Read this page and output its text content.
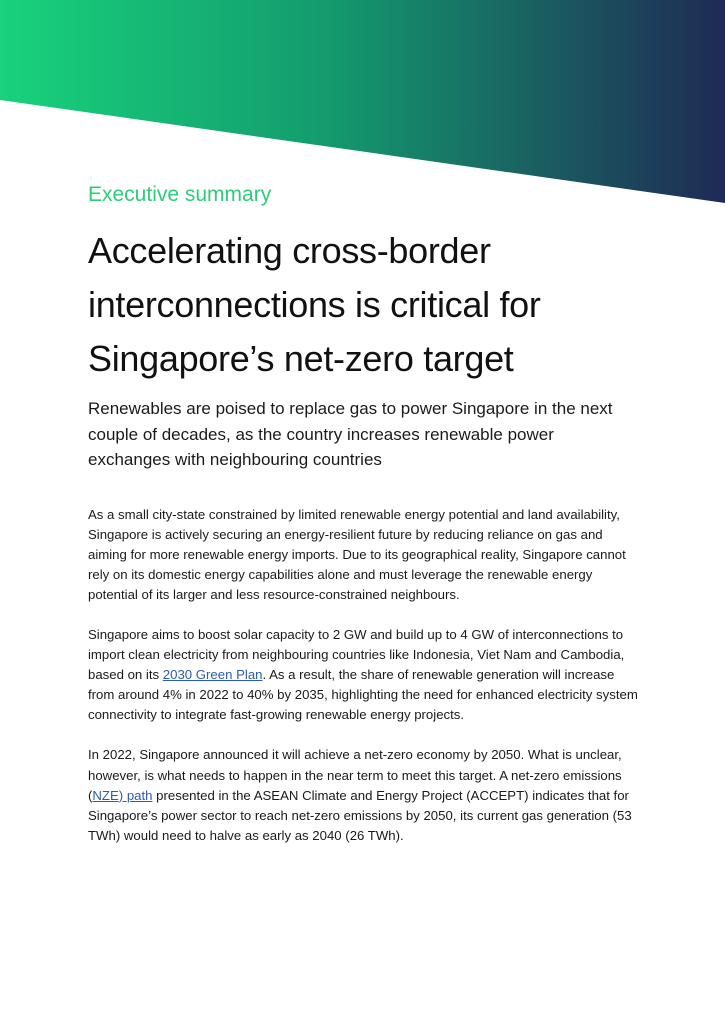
Executive summary

Accelerating cross-border interconnections is critical for Singapore’s net-zero target

Renewables are poised to replace gas to power Singapore in the next couple of decades, as the country increases renewable power exchanges with neighbouring countries

As a small city-state constrained by limited renewable energy potential and land availability, Singapore is actively securing an energy-resilient future by reducing reliance on gas and aiming for more renewable energy imports. Due to its geographical reality, Singapore cannot rely on its domestic energy capabilities alone and must leverage the renewable energy potential of its larger and less resource-constrained neighbours.

Singapore aims to boost solar capacity to 2 GW and build up to 4 GW of interconnections to import clean electricity from neighbouring countries like Indonesia, Viet Nam and Cambodia, based on its 2030 Green Plan. As a result, the share of renewable generation will increase from around 4% in 2022 to 40% by 2035, highlighting the need for enhanced electricity system connectivity to integrate fast-growing renewable energy projects.

In 2022, Singapore announced it will achieve a net-zero economy by 2050. What is unclear, however, is what needs to happen in the near term to meet this target. A net-zero emissions (NZE) path presented in the ASEAN Climate and Energy Project (ACCEPT) indicates that for Singapore’s power sector to reach net-zero emissions by 2050, its current gas generation (53 TWh) would need to halve as early as 2040 (26 TWh).
